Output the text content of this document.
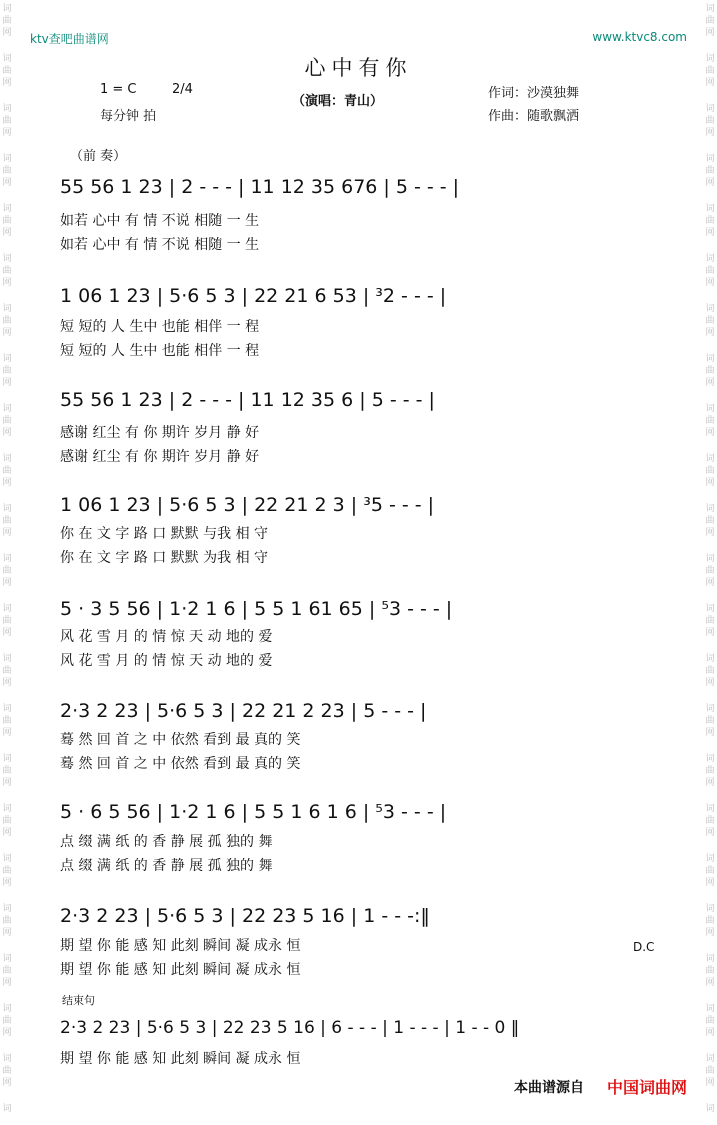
词
曲
网
词
曲
网
词
曲
网
词
曲
网
词
曲
网
词
曲
网
词
曲
网
词
曲
网
词
曲
网
词
曲
网
词
曲
网
词
曲
网
词
曲
网
词
曲
网
词
曲
网
词
曲
网
词
曲
网
词
曲
网
词
曲
网
词
曲
网
词
曲
网
词
曲
网
词
词
曲
网
词
曲
网
词
曲
网
词
曲
网
词
曲
网
词
曲
网
词
曲
网
词
曲
网
词
曲
网
词
曲
网
词
曲
网
词
曲
网
词
曲
网
词
曲
网
词
曲
网
词
曲
网
词
曲
网
词
曲
网
词
曲
网
词
曲
网
词
曲
网
词
曲
网
词
ktv查吧曲谱网	www.ktvc8.com
心中有你
1 = C	2/4
每分钟 拍
（演唱：青山）
作词：沙漠独舞
作曲：随歌飘洒
（前 奏）
55 56 1 23 | 2 - - - | 11 12 35 676 | 5 - - - |
如若 心中 有 情 不说 相随 一 生
如若 心中 有 情 不说 相随 一 生
1 06 1 23 | 5·6 5 3 | 22 21 6 53 | ³2 - - - |
短 短的 人 生中 也能 相伴 一 程
短 短的 人 生中 也能 相伴 一 程
55 56 1 23 | 2 - - - | 11 12 35 6 | 5 - - - |
感谢 红尘 有 你 期许 岁月 静 好
感谢 红尘 有 你 期许 岁月 静 好
1 06 1 23 | 5·6 5 3 | 22 21 2 3 | ³5 - - - |
你 在 文 字 路 口 默默 与我 相 守
你 在 文 字 路 口 默默 为我 相 守
5 · 3 5 56 | 1·2 1 6 | 5 5 1 61 65 | ⁵3 - - - |
风 花 雪 月 的 情 惊 天 动 地的 爱
风 花 雪 月 的 情 惊 天 动 地的 爱
2·3 2 23 | 5·6 5 3 | 22 21 2 23 | 5 - - - |
蓦 然 回 首 之 中 依然 看到 最 真的 笑
蓦 然 回 首 之 中 依然 看到 最 真的 笑
5 · 6 5 56 | 1·2 1 6 | 5 5 1 6 1 6 | ⁵3 - - - |
点 缀 满 纸 的 香 静 展 孤 独的 舞
点 缀 满 纸 的 香 静 展 孤 独的 舞
2·3 2 23 | 5·6 5 3 | 22 23 5 16 | 1 - - -:‖
期 望 你 能 感 知 此刻 瞬间 凝 成永 恒
期 望 你 能 感 知 此刻 瞬间 凝 成永 恒
D.C
结束句
2·3 2 23 | 5·6 5 3 | 22 23 5 16 | 6 - - - | 1 - - - | 1 - - 0 ‖
期 望 你 能 感 知 此刻 瞬间 凝 成永 恒
本曲谱源自 中国词曲网
